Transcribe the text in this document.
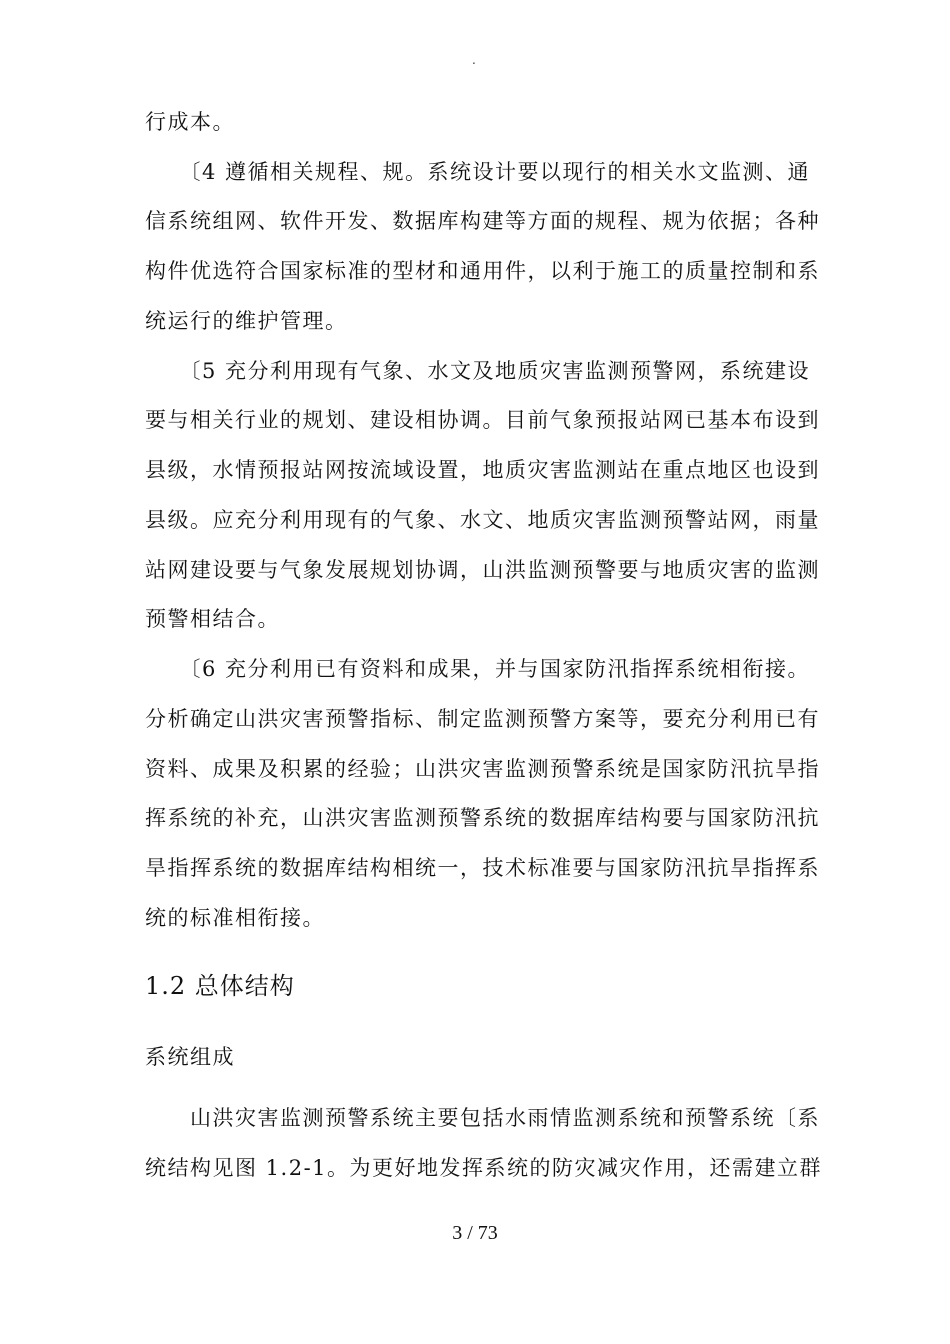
.
行成本。
　　〔4 遵循相关规程、规。系统设计要以现行的相关水文监测、通
信系统组网、软件开发、数据库构建等方面的规程、规为依据；各种
构件优选符合国家标准的型材和通用件，以利于施工的质量控制和系
统运行的维护管理。
　　〔5 充分利用现有气象、水文及地质灾害监测预警网，系统建设
要与相关行业的规划、建设相协调。目前气象预报站网已基本布设到
县级，水情预报站网按流域设置，地质灾害监测站在重点地区也设到
县级。应充分利用现有的气象、水文、地质灾害监测预警站网，雨量
站网建设要与气象发展规划协调，山洪监测预警要与地质灾害的监测
预警相结合。
　　〔6 充分利用已有资料和成果，并与国家防汛指挥系统相衔接。
分析确定山洪灾害预警指标、制定监测预警方案等，要充分利用已有
资料、成果及积累的经验；山洪灾害监测预警系统是国家防汛抗旱指
挥系统的补充，山洪灾害监测预警系统的数据库结构要与国家防汛抗
旱指挥系统的数据库结构相统一，技术标准要与国家防汛抗旱指挥系
统的标准相衔接。
1.2 总体结构
系统组成
　　山洪灾害监测预警系统主要包括水雨情监测系统和预警系统〔系
统结构见图 1.2-1。为更好地发挥系统的防灾减灾作用，还需建立群
3 / 73
